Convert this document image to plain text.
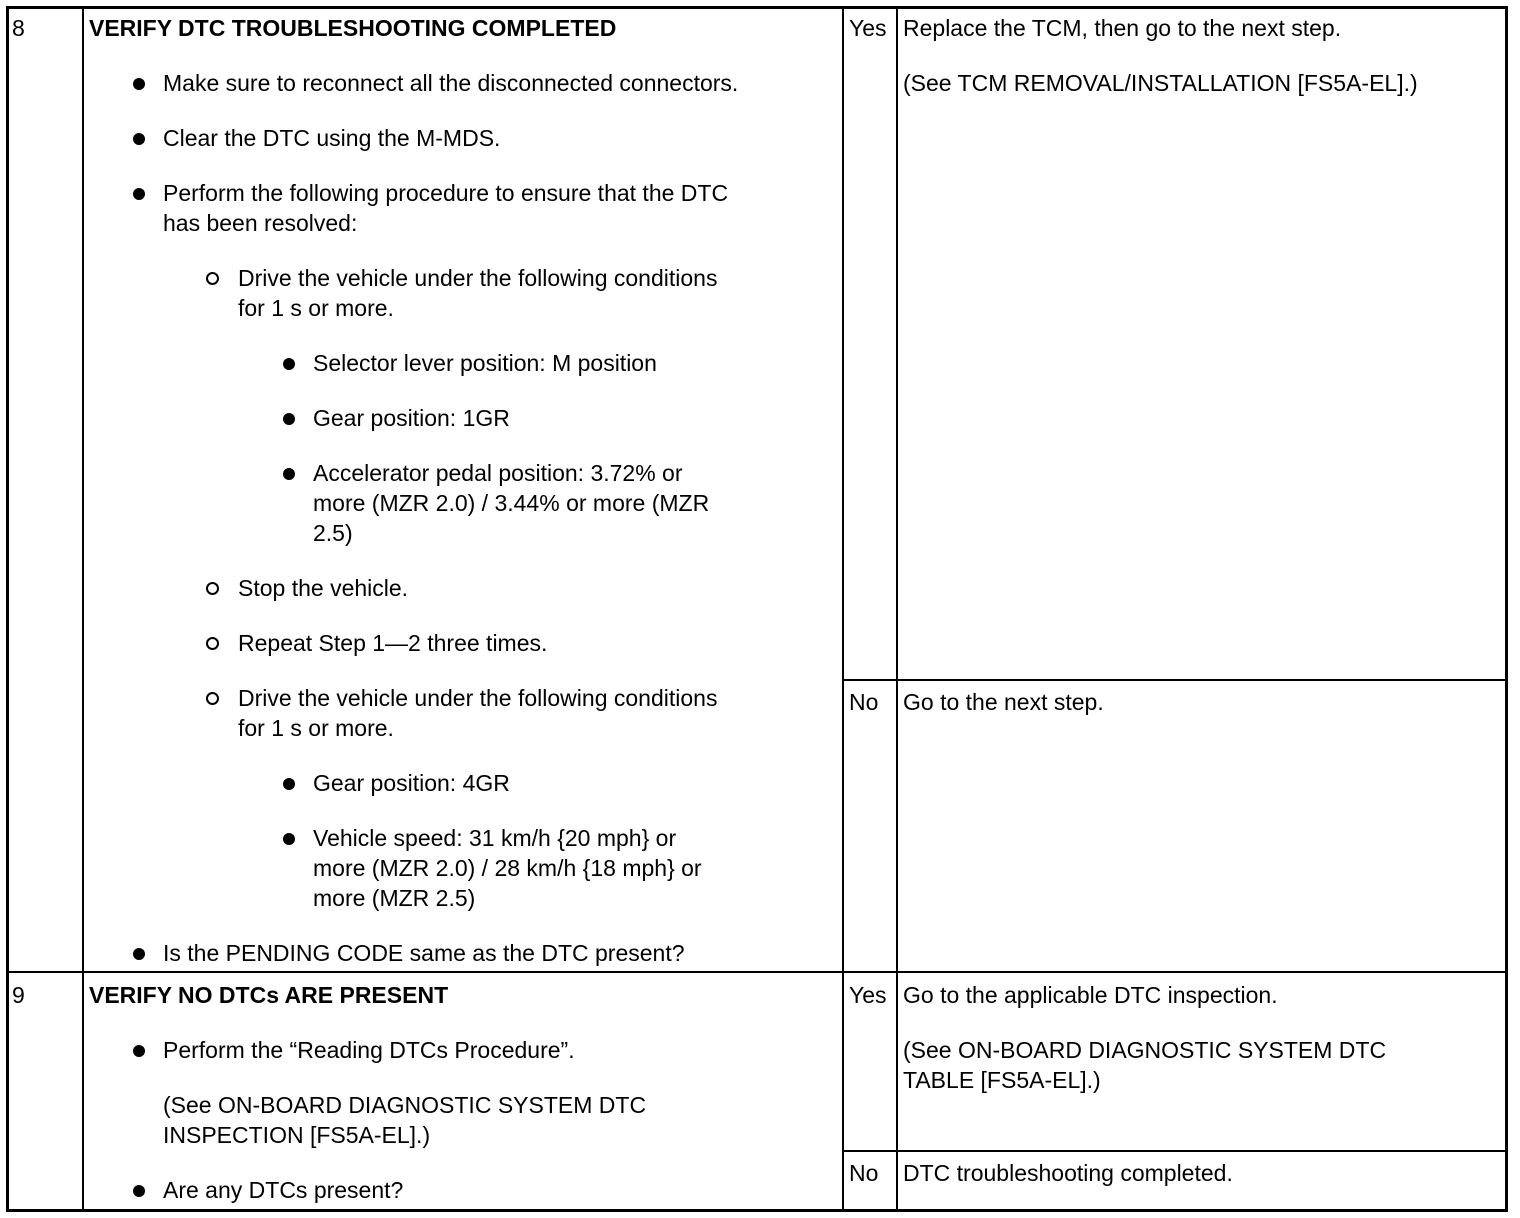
8	VERIFY DTC TROUBLESHOOTING COMPLETED
Make sure to reconnect all the disconnected connectors.
Clear the DTC using the M-MDS.
Perform the following procedure to ensure that the DTC
has been resolved:
Drive the vehicle under the following conditions
for 1 s or more.
Selector lever position: M position
Gear position: 1GR
Accelerator pedal position: 3.72% or
more (MZR 2.0) / 3.44% or more (MZR
2.5)
Stop the vehicle.
Repeat Step 1—2 three times.
Drive the vehicle under the following conditions
for 1 s or more.
Gear position: 4GR
Vehicle speed: 31 km/h {20 mph} or
more (MZR 2.0) / 28 km/h {18 mph} or
more (MZR 2.5)
Is the PENDING CODE same as the DTC present?
Yes Replace the TCM, then go to the next step.
(See TCM REMOVAL/INSTALLATION [FS5A-EL].)
No Go to the next step.
9	VERIFY NO DTCs ARE PRESENT
Perform the “Reading DTCs Procedure”.
(See ON-BOARD DIAGNOSTIC SYSTEM DTC
INSPECTION [FS5A-EL].)
Are any DTCs present?
Yes Go to the applicable DTC inspection.
(See ON-BOARD DIAGNOSTIC SYSTEM DTC
TABLE [FS5A-EL].)
No DTC troubleshooting completed.
